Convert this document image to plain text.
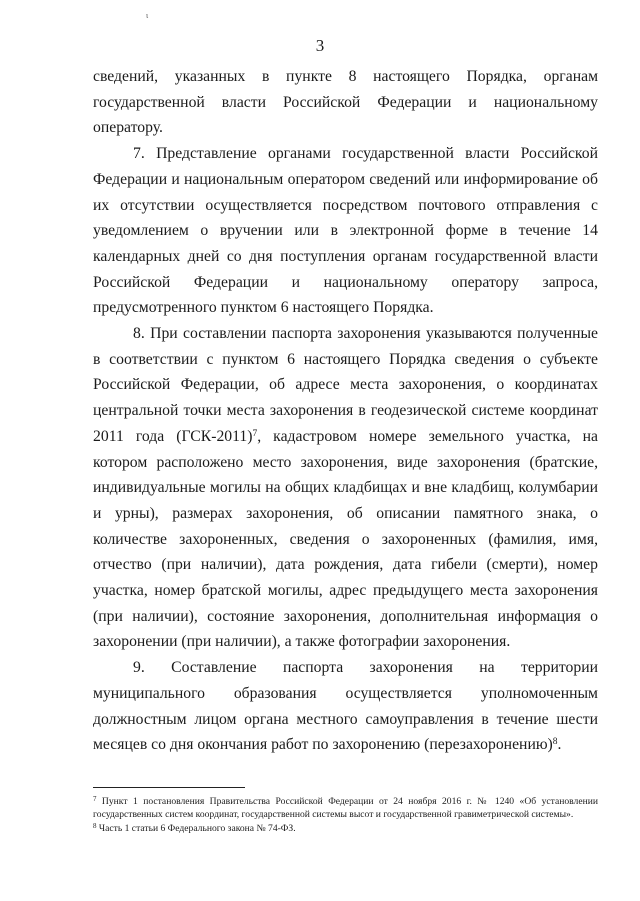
ι
3

сведений, указанных в пункте 8 настоящего Порядка, органам государственной власти Российской Федерации и национальному оператору.

7. Представление органами государственной власти Российской Федерации и национальным оператором сведений или информирование об их отсутствии осуществляется посредством почтового отправления с уведомлением о вручении или в электронной форме в течение 14 календарных дней со дня поступления органам государственной власти Российской Федерации и национальному оператору запроса, предусмотренного пунктом 6 настоящего Порядка.

8. При составлении паспорта захоронения указываются полученные в соответствии с пунктом 6 настоящего Порядка сведения о субъекте Российской Федерации, об адресе места захоронения, о координатах центральной точки места захоронения в геодезической системе координат 2011 года $(ГСК-2011)^7$, кадастровом номере земельного участка, на котором расположено место захоронения, виде захоронения (братские, индивидуальные могилы на общих кладбищах и вне кладбищ, колумбарии и урны), размерах захоронения, об описании памятного знака, о количестве захороненных, сведения о захороненных (фамилия, имя, отчество (при наличии), дата рождения, дата гибели (смерти), номер участка, номер братской могилы, адрес предыдущего места захоронения (при наличии), состояние захоронения, дополнительная информация о захоронении (при наличии), а также фотографии захоронения.

9. Составление паспорта захоронения на территории муниципального образования осуществляется уполномоченным должностным лицом органа местного самоуправления в течение шести месяцев со дня окончания работ по захоронению (перезахоронению)$^8$.

$^7$ Пункт 1 постановления Правительства Российской Федерации от 24 ноября 2016 г. № 1240 «Об установлении государственных систем координат, государственной системы высот и государственной гравиметрической системы».

$^8$ Часть 1 статьи 6 Федерального закона № 74-ФЗ.
